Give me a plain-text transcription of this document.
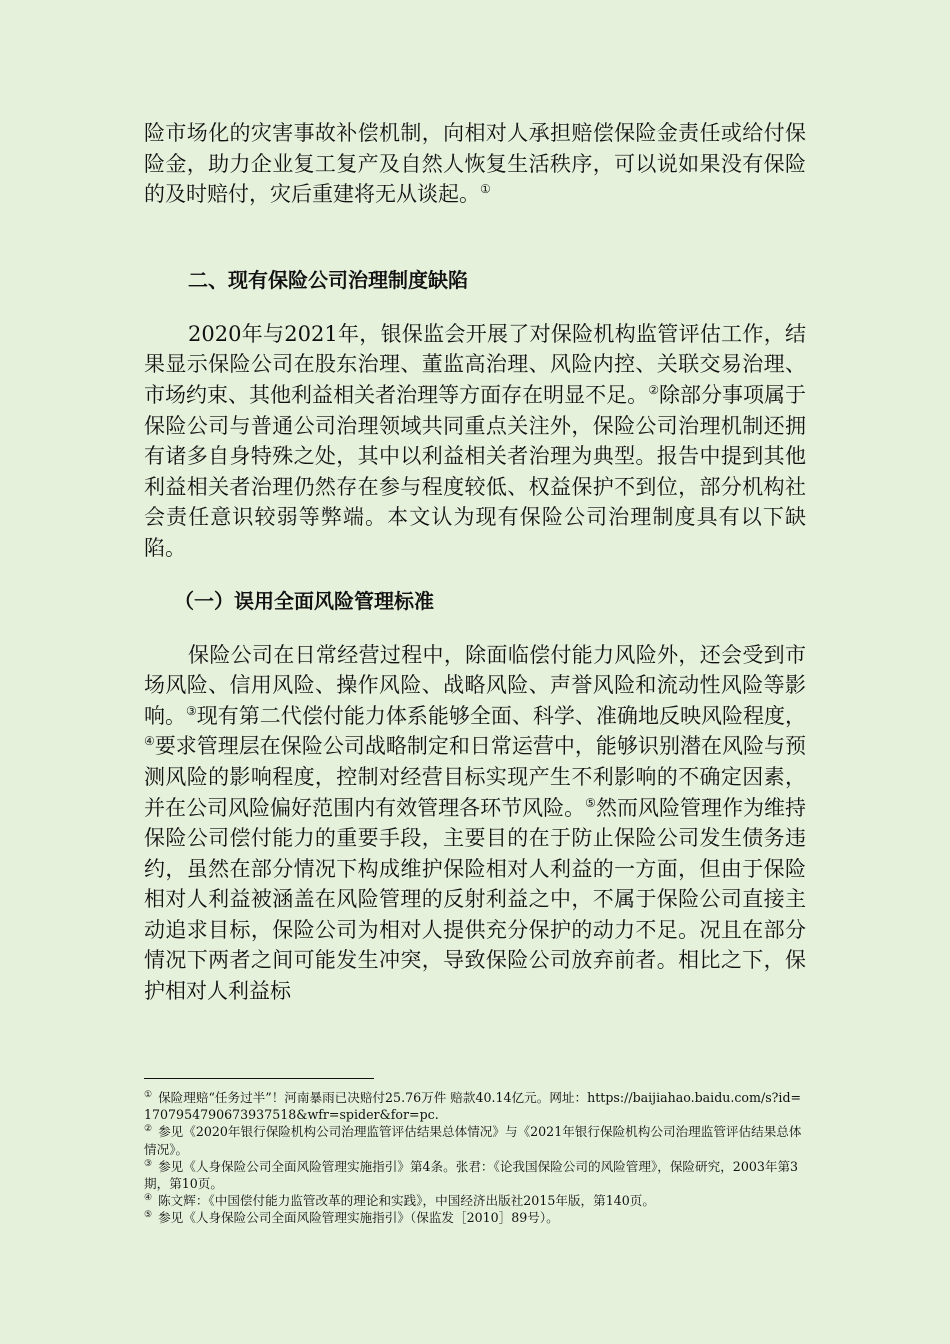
险市场化的灾害事故补偿机制，向相对人承担赔偿保险金责任或给付保险金，助力企业复工复产及自然人恢复生活秩序，可以说如果没有保险的及时赔付，灾后重建将无从谈起。①

二、现有保险公司治理制度缺陷

2020年与2021年，银保监会开展了对保险机构监管评估工作，结果显示保险公司在股东治理、董监高治理、风险内控、关联交易治理、市场约束、其他利益相关者治理等方面存在明显不足。②除部分事项属于保险公司与普通公司治理领域共同重点关注外，保险公司治理机制还拥有诸多自身特殊之处，其中以利益相关者治理为典型。报告中提到其他利益相关者治理仍然存在参与程度较低、权益保护不到位，部分机构社会责任意识较弱等弊端。本文认为现有保险公司治理制度具有以下缺陷。

（一）误用全面风险管理标准

保险公司在日常经营过程中，除面临偿付能力风险外，还会受到市场风险、信用风险、操作风险、战略风险、声誉风险和流动性风险等影响。③现有第二代偿付能力体系能够全面、科学、准确地反映风险程度，④要求管理层在保险公司战略制定和日常运营中，能够识别潜在风险与预测风险的影响程度，控制对经营目标实现产生不利影响的不确定因素，并在公司风险偏好范围内有效管理各环节风险。⑤然而风险管理作为维持保险公司偿付能力的重要手段，主要目的在于防止保险公司发生债务违约，虽然在部分情况下构成维护保险相对人利益的一方面，但由于保险相对人利益被涵盖在风险管理的反射利益之中，不属于保险公司直接主动追求目标，保险公司为相对人提供充分保护的动力不足。况且在部分情况下两者之间可能发生冲突，导致保险公司放弃前者。相比之下，保护相对人利益标

① 保险理赔“任务过半”！河南暴雨已决赔付25.76万件 赔款40.14亿元。网址：https://baijiahao.baidu.com/s?id=1707954790673937518&wfr=spider&for=pc.

② 参见《2020年银行保险机构公司治理监管评估结果总体情况》与《2021年银行保险机构公司治理监管评估结果总体情况》。

③ 参见《人身保险公司全面风险管理实施指引》第4条。张君：《论我国保险公司的风险管理》，保险研究，2003年第3期，第10页。

④ 陈文辉：《中国偿付能力监管改革的理论和实践》，中国经济出版社2015年版，第140页。

⑤ 参见《人身保险公司全面风险管理实施指引》（保监发［2010］89号）。
